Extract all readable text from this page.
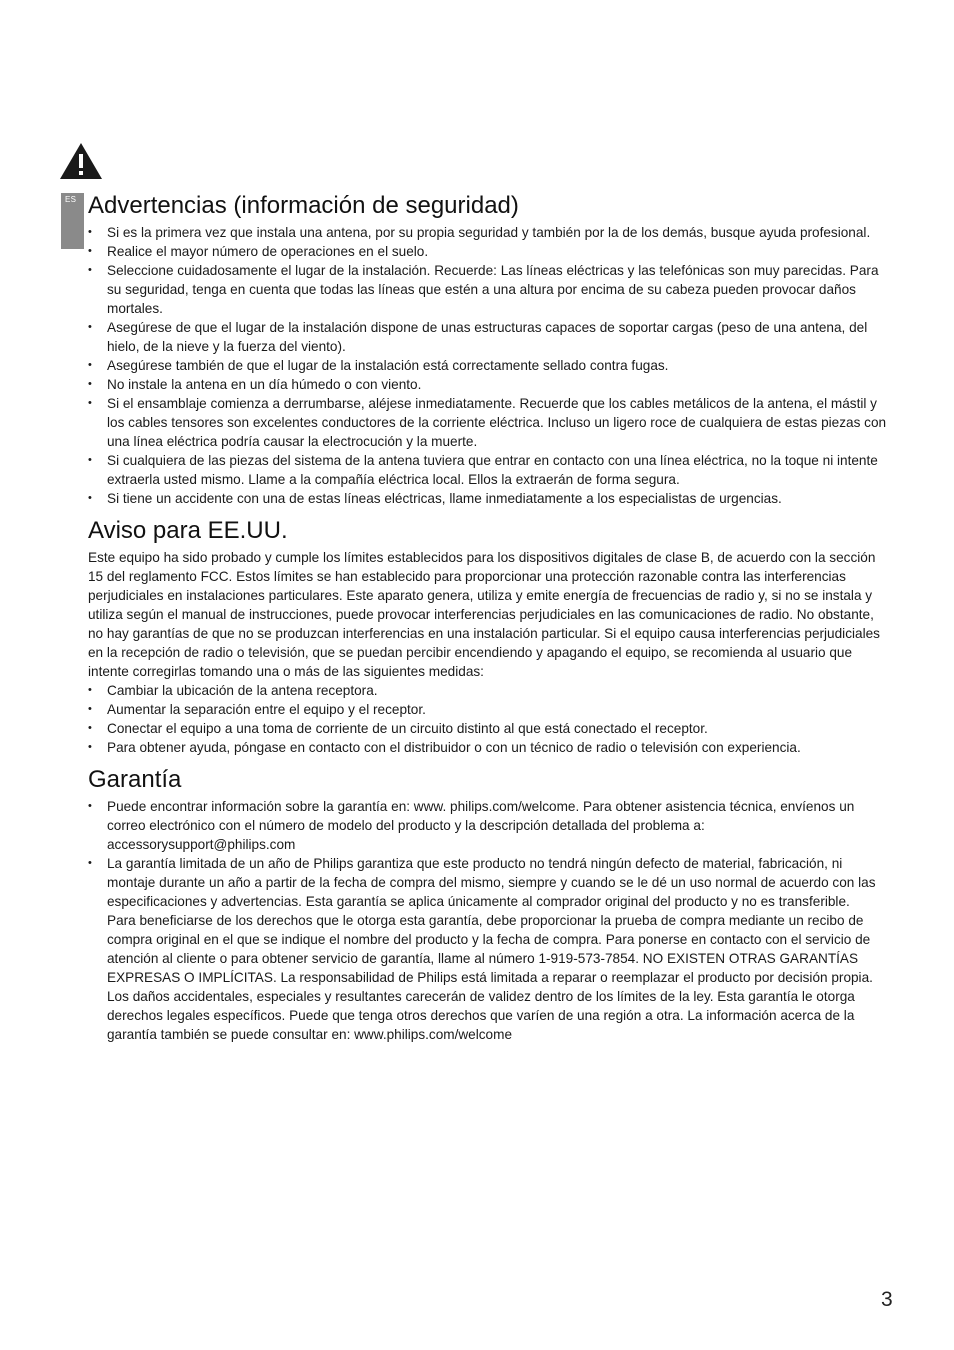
ES Advertencias (información de seguridad)
• Si es la primera vez que instala una antena, por su propia seguridad y también por la de los demás, busque ayuda profesional.
• Realice el mayor número de operaciones en el suelo.
• Seleccione cuidadosamente el lugar de la instalación. Recuerde: Las líneas eléctricas y las telefónicas son muy parecidas. Para su seguridad, tenga en cuenta que todas las líneas que estén a una altura por encima de su cabeza pueden provocar daños mortales.
• Asegúrese de que el lugar de la instalación dispone de unas estructuras capaces de soportar cargas (peso de una antena, del hielo, de la nieve y la fuerza del viento).
• Asegúrese también de que el lugar de la instalación está correctamente sellado contra fugas.
• No instale la antena en un día húmedo o con viento.
• Si el ensamblaje comienza a derrumbarse, aléjese inmediatamente. Recuerde que los cables metálicos de la antena, el mástil y los cables tensores son excelentes conductores de la corriente eléctrica. Incluso un ligero roce de cualquiera de estas piezas con una línea eléctrica podría causar la electrocución y la muerte.
• Si cualquiera de las piezas del sistema de la antena tuviera que entrar en contacto con una línea eléctrica, no la toque ni intente extraerla usted mismo. Llame a la compañía eléctrica local. Ellos la extraerán de forma segura.
• Si tiene un accidente con una de estas líneas eléctricas, llame inmediatamente a los especialistas de urgencias.
Aviso para EE.UU.

Este equipo ha sido probado y cumple los límites establecidos para los dispositivos digitales de clase B, de acuerdo con la sección 15 del reglamento FCC. Estos límites se han establecido para proporcionar una protección razonable contra las interferencias perjudiciales en instalaciones particulares. Este aparato genera, utiliza y emite energía de frecuencias de radio y, si no se instala y utiliza según el manual de instrucciones, puede provocar interferencias perjudiciales en las comunicaciones de radio. No obstante, no hay garantías de que no se produzcan interferencias en una instalación particular. Si el equipo causa interferencias perjudiciales en la recepción de radio o televisión, que se puedan percibir encendiendo y apagando el equipo, se recomienda al usuario que intente corregirlas tomando una o más de las siguientes medidas:

• Cambiar la ubicación de la antena receptora.
• Aumentar la separación entre el equipo y el receptor.
• Conectar el equipo a una toma de corriente de un circuito distinto al que está conectado el receptor.
• Para obtener ayuda, póngase en contacto con el distribuidor o con un técnico de radio o televisión con experiencia.
Garantía
• Puede encontrar información sobre la garantía en: www. philips.com/welcome. Para obtener asistencia técnica, envíenos un correo electrónico con el número de modelo del producto y la descripción detallada del problema a: accessorysupport@philips.com
• La garantía limitada de un año de Philips garantiza que este producto no tendrá ningún defecto de material, fabricación, ni montaje durante un año a partir de la fecha de compra del mismo, siempre y cuando se le dé un uso normal de acuerdo con las especificaciones y advertencias. Esta garantía se aplica únicamente al comprador original del producto y no es transferible.
Para beneficiarse de los derechos que le otorga esta garantía, debe proporcionar la prueba de compra mediante un recibo de compra original en el que se indique el nombre del producto y la fecha de compra. Para ponerse en contacto con el servicio de atención al cliente o para obtener servicio de garantía, llame al número 1-919-573-7854. NO EXISTEN OTRAS GARANTÍAS EXPRESAS O IMPLÍCITAS. La responsabilidad de Philips está limitada a reparar o reemplazar el producto por decisión propia. Los daños accidentales, especiales y resultantes carecerán de validez dentro de los límites de la ley. Esta garantía le otorga derechos legales específicos. Puede que tenga otros derechos que varíen de una región a otra. La información acerca de la garantía también se puede consultar en: www.philips.com/welcome
3
